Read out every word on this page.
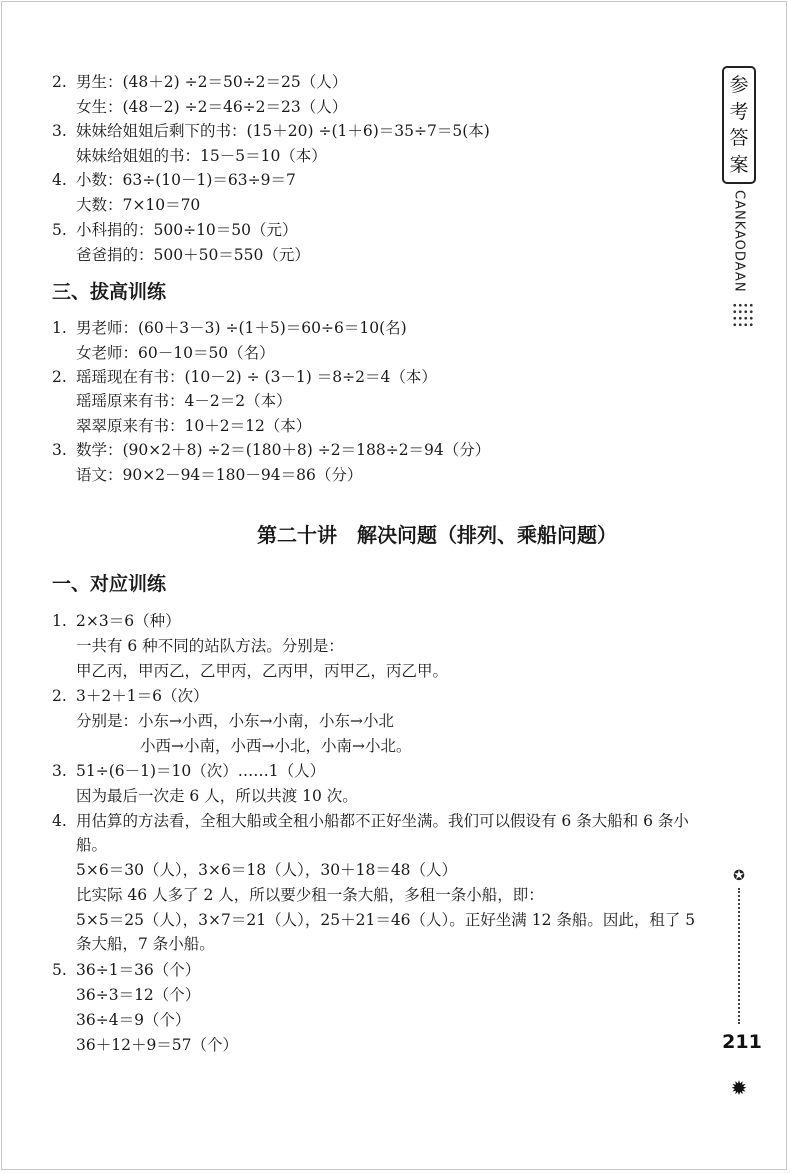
2. 男生：(48＋2) ÷2＝50÷2＝25（人）
女生：(48－2) ÷2＝46÷2＝23（人）
3. 妹妹给姐姐后剩下的书：(15＋20) ÷(1＋6)＝35÷7＝5(本)
妹妹给姐姐的书：15－5＝10（本）
4. 小数：63÷(10－1)＝63÷9＝7
大数：7×10＝70
5. 小科捐的：500÷10＝50（元）
爸爸捐的：500＋50＝550（元）
三、拔高训练
1. 男老师：(60＋3－3) ÷(1＋5)＝60÷6＝10(名)
女老师：60－10＝50（名）
2. 瑶瑶现在有书：(10－2) ÷ (3－1) ＝8÷2＝4（本）
瑶瑶原来有书：4－2＝2（本）
翠翠原来有书：10＋2＝12（本）
3. 数学：(90×2＋8) ÷2＝(180＋8) ÷2＝188÷2＝94（分）
语文：90×2－94＝180－94＝86（分）
第二十讲　解决问题（排列、乘船问题）
一、对应训练
1. 2×3＝6（种）
一共有 6 种不同的站队方法。分别是：
甲乙丙，甲丙乙，乙甲丙，乙丙甲，丙甲乙，丙乙甲。
2. 3＋2＋1＝6（次）
分别是：小东→小西，小东→小南，小东→小北
小西→小南，小西→小北，小南→小北。
3. 51÷(6－1)＝10（次）……1（人）
因为最后一次走 6 人，所以共渡 10 次。
4. 用估算的方法看，全租大船或全租小船都不正好坐满。我们可以假设有 6 条大船和 6 条小船。
5×6＝30（人），3×6＝18（人），30＋18＝48（人）
比实际 46 人多了 2 人，所以要少租一条大船，多租一条小船，即：
5×5＝25（人），3×7＝21（人），25＋21＝46（人）。正好坐满 12 条船。因此，租了 5 条大船，7 条小船。
5. 36÷1＝36（个）
36÷3＝12（个）
36÷4＝9（个）
36＋12＋9＝57（个）
参
考
答
案
CANKAODAAN
✪
211
✹
